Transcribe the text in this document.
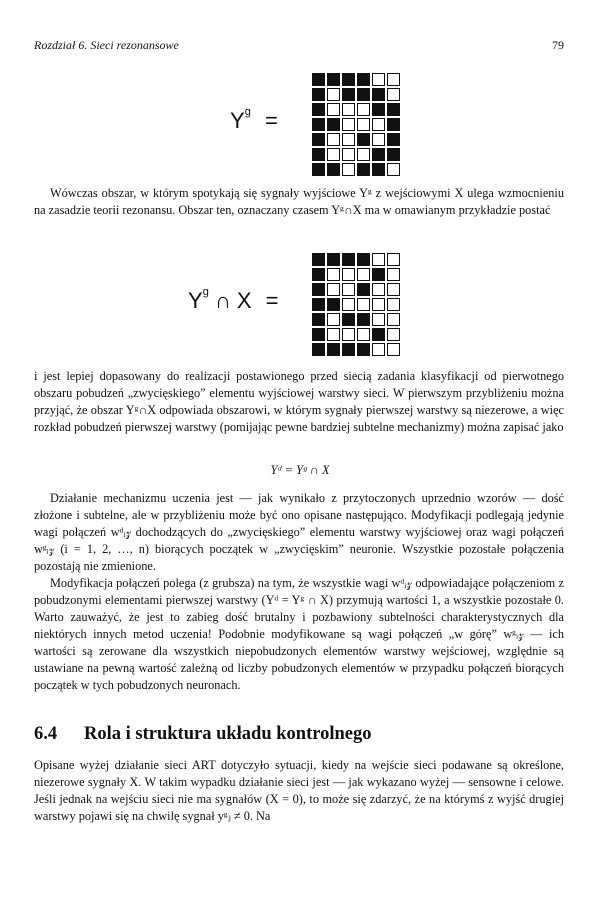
Rozdział 6. Sieci rezonansowe	79
$Y^g$ =

Wówczas obszar, w którym spotykają się sygnały wyjściowe Yᵍ z wejściowymi X ulega wzmocnieniu na zasadzie teorii rezonansu. Obszar ten, oznaczany czasem Yᵍ∩X ma w omawianym przykładzie postać

$Y^g$ ∩ X =

i jest lepiej dopasowany do realizacji postawionego przed siecią zadania klasyfikacji od pierwotnego obszaru pobudzeń „zwycięskiego” elementu wyjściowej warstwy sieci. W pierwszym przybliżeniu można przyjąć, że obszar Yᵍ∩X odpowiada obszarowi, w którym sygnały pierwszej warstwy są niezerowe, a więc rozkład pobudzeń pierwszej warstwy (pomijając pewne bardziej subtelne mechanizmy) można zapisać jako

Yᵈ = Yᵍ ∩ X

Działanie mechanizmu uczenia jest — jak wynikało z przytoczonych uprzednio wzorów — dość złożone i subtelne, ale w przybliżeniu może być ono opisane następująco. Modyfikacji podlegają jedynie wagi połączeń wᵈᵢ𝓏 dochodzących do „zwycięskiego” elementu warstwy wyjściowej oraz wagi połączeń wᵍᵢ𝓏 (i = 1, 2, …, n) biorących początek w „zwycięskim” neuronie. Wszystkie pozostałe połączenia pozostają nie zmienione.

Modyfikacja połączeń polega (z grubsza) na tym, że wszystkie wagi wᵈᵢ𝓏 odpowiadające połączeniom z pobudzonymi elementami pierwszej warstwy (Yᵈ = Yᵍ ∩ X) przymują wartości 1, a wszystkie pozostałe 0. Warto zauważyć, że jest to zabieg dość brutalny i pozbawiony subtelności charakterystycznych dla niektórych innych metod uczenia! Podobnie modyfikowane są wagi połączeń „w górę” wᵍᵢ𝓏 — ich wartości są zerowane dla wszystkich niepobudzonych elementów warstwy wejściowej, względnie są ustawiane na pewną wartość zależną od liczby pobudzonych elementów w przypadku połączeń biorących początek w tych pobudzonych neuronach.

6.4 Rola i struktura układu kontrolnego

Opisane wyżej działanie sieci ART dotyczyło sytuacji, kiedy na wejście sieci podawane są określone, niezerowe sygnały X. W takim wypadku działanie sieci jest — jak wykazano wyżej — sensowne i celowe. Jeśli jednak na wejściu sieci nie ma sygnałów (X = 0), to może się zdarzyć, że na którymś z wyjść drugiej warstwy pojawi się na chwilę sygnał yᵍⱼ ≠ 0. Na
